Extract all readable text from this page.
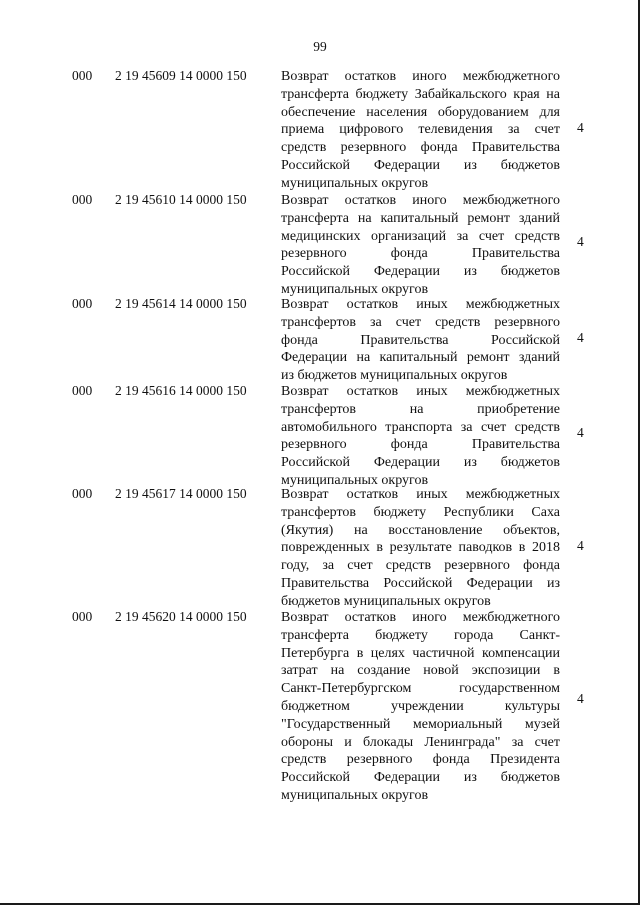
99
000 2 19 45609 14 0000 150 Возврат остатков иного межбюджетного
трансферта бюджету Забайкальского края на
обеспечение населения оборудованием для
приема цифрового телевидения за счет
средств резервного фонда Правительства
Российской Федерации из бюджетов
муниципальных округов
4
000 2 19 45610 14 0000 150 Возврат остатков иного межбюджетного
трансферта на капитальный ремонт зданий
медицинских организаций за счет средств
резервного фонда Правительства
Российской Федерации из бюджетов
муниципальных округов
4
000 2 19 45614 14 0000 150 Возврат остатков иных межбюджетных
трансфертов за счет средств резервного
фонда Правительства Российской
Федерации на капитальный ремонт зданий
из бюджетов муниципальных округов
4
000 2 19 45616 14 0000 150 Возврат остатков иных межбюджетных
трансфертов на приобретение
автомобильного транспорта за счет средств
резервного фонда Правительства
Российской Федерации из бюджетов
муниципальных округов
4
000 2 19 45617 14 0000 150 Возврат остатков иных межбюджетных
трансфертов бюджету Республики Саха
(Якутия) на восстановление объектов,
поврежденных в результате паводков в 2018
году, за счет средств резервного фонда
Правительства Российской Федерации из
бюджетов муниципальных округов
4
000 2 19 45620 14 0000 150 Возврат остатков иного межбюджетного
трансферта бюджету города Санкт-
Петербурга в целях частичной компенсации
затрат на создание новой экспозиции в
Санкт-Петербургском государственном
бюджетном учреждении культуры
"Государственный мемориальный музей
обороны и блокады Ленинграда" за счет
средств резервного фонда Президента
Российской Федерации из бюджетов
муниципальных округов
4
